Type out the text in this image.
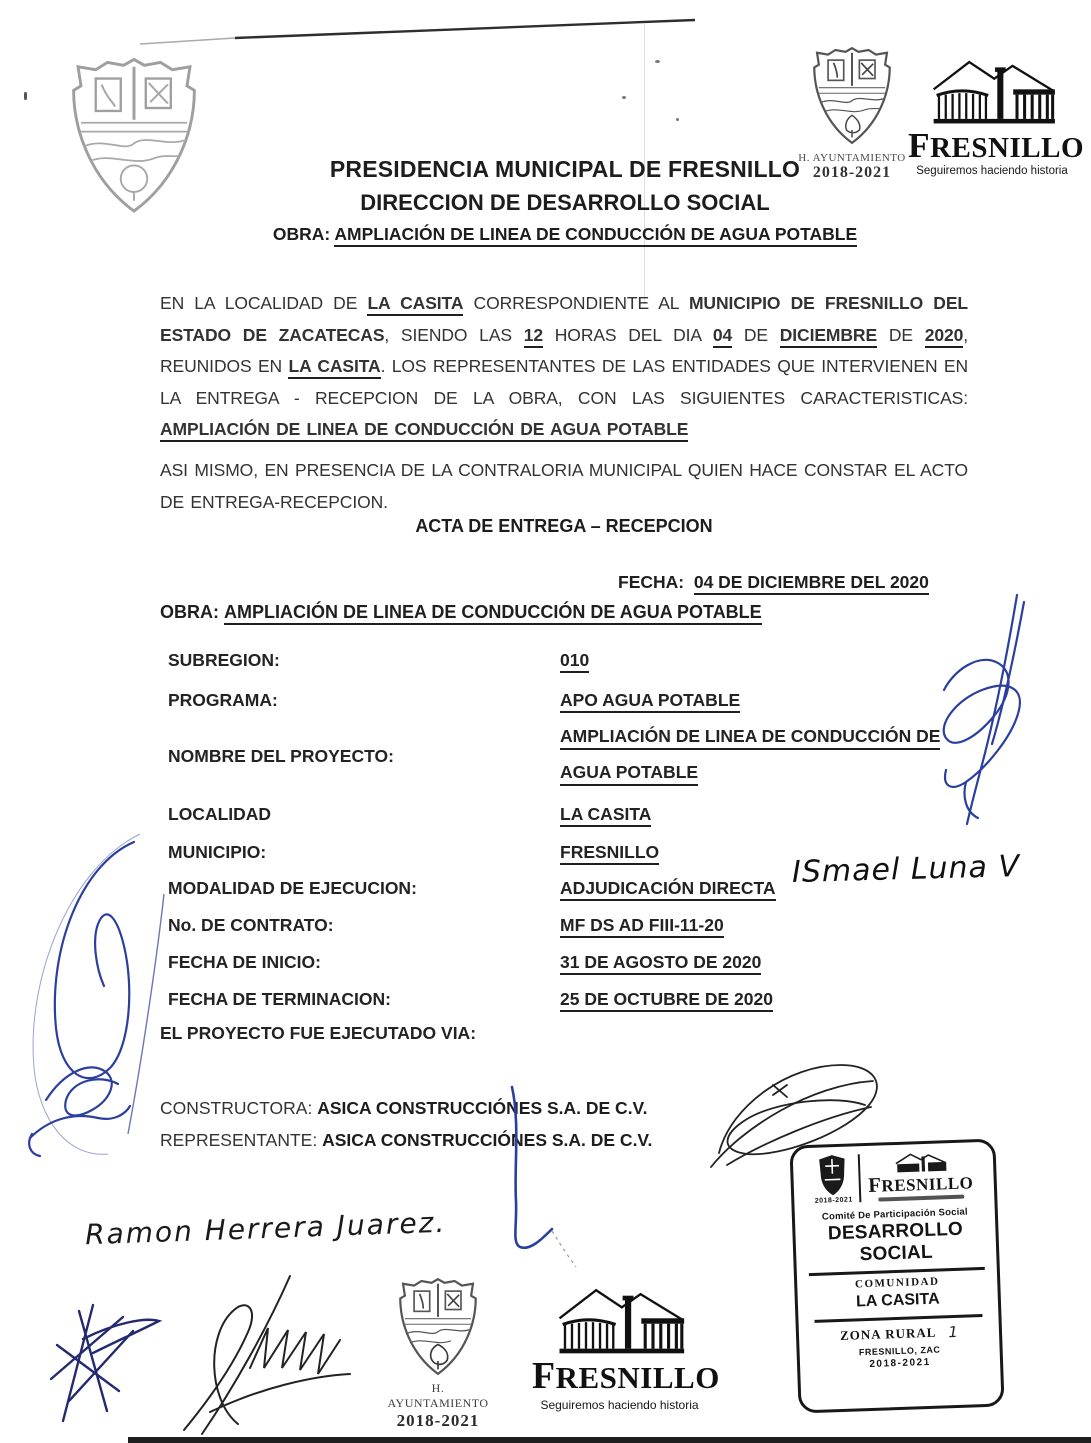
H. AYUNTAMIENTO
2018-2021
FRESNILLO
Seguiremos haciendo historia
PRESIDENCIA MUNICIPAL DE FRESNILLO
DIRECCION DE DESARROLLO SOCIAL
OBRA: AMPLIACIÓN DE LINEA DE CONDUCCIÓN DE AGUA POTABLE
EN LA LOCALIDAD DE LA CASITA CORRESPONDIENTE AL MUNICIPIO DE FRESNILLO DEL ESTADO DE ZACATECAS, SIENDO LAS 12 HORAS DEL DIA 04 DE DICIEMBRE DE 2020, REUNIDOS EN LA CASITA. LOS REPRESENTANTES DE LAS ENTIDADES QUE INTERVIENEN EN LA ENTREGA - RECEPCION DE LA OBRA, CON LAS SIGUIENTES CARACTERISTICAS: AMPLIACIÓN DE LINEA DE CONDUCCIÓN DE AGUA POTABLE
ASI MISMO, EN PRESENCIA DE LA CONTRALORIA MUNICIPAL QUIEN HACE CONSTAR EL ACTO DE ENTREGA-RECEPCION.
ACTA DE ENTREGA – RECEPCION
FECHA: 04 DE DICIEMBRE DEL 2020
OBRA: AMPLIACIÓN DE LINEA DE CONDUCCIÓN DE AGUA POTABLE
SUBREGION:	010
PROGRAMA:	APO AGUA POTABLE
NOMBRE DEL PROYECTO:
AMPLIACIÓN DE LINEA DE CONDUCCIÓN DE
AGUA POTABLE
LOCALIDAD	LA CASITA
MUNICIPIO:	FRESNILLO
MODALIDAD DE EJECUCION:	ADJUDICACIÓN DIRECTA
No. DE CONTRATO:	MF DS AD FIII-11-20
FECHA DE INICIO:	31 DE AGOSTO DE 2020
FECHA DE TERMINACION:	25 DE OCTUBRE DE 2020
EL PROYECTO FUE EJECUTADO VIA:
CONSTRUCTORA: ASICA CONSTRUCCIÓNES S.A. DE C.V.
REPRESENTANTE: ASICA CONSTRUCCIÓNES S.A. DE C.V.
ISmael Luna V
Ramon Herrera Juarez.
H. AYUNTAMIENTO
2018-2021
FRESNILLO
Seguiremos haciendo historia
2018-2021
FRESNILLO
Comité De Participación Social
DESARROLLO SOCIAL
COMUNIDAD
LA CASITA
ZONA RURAL 1
FRESNILLO, ZAC
2018-2021
